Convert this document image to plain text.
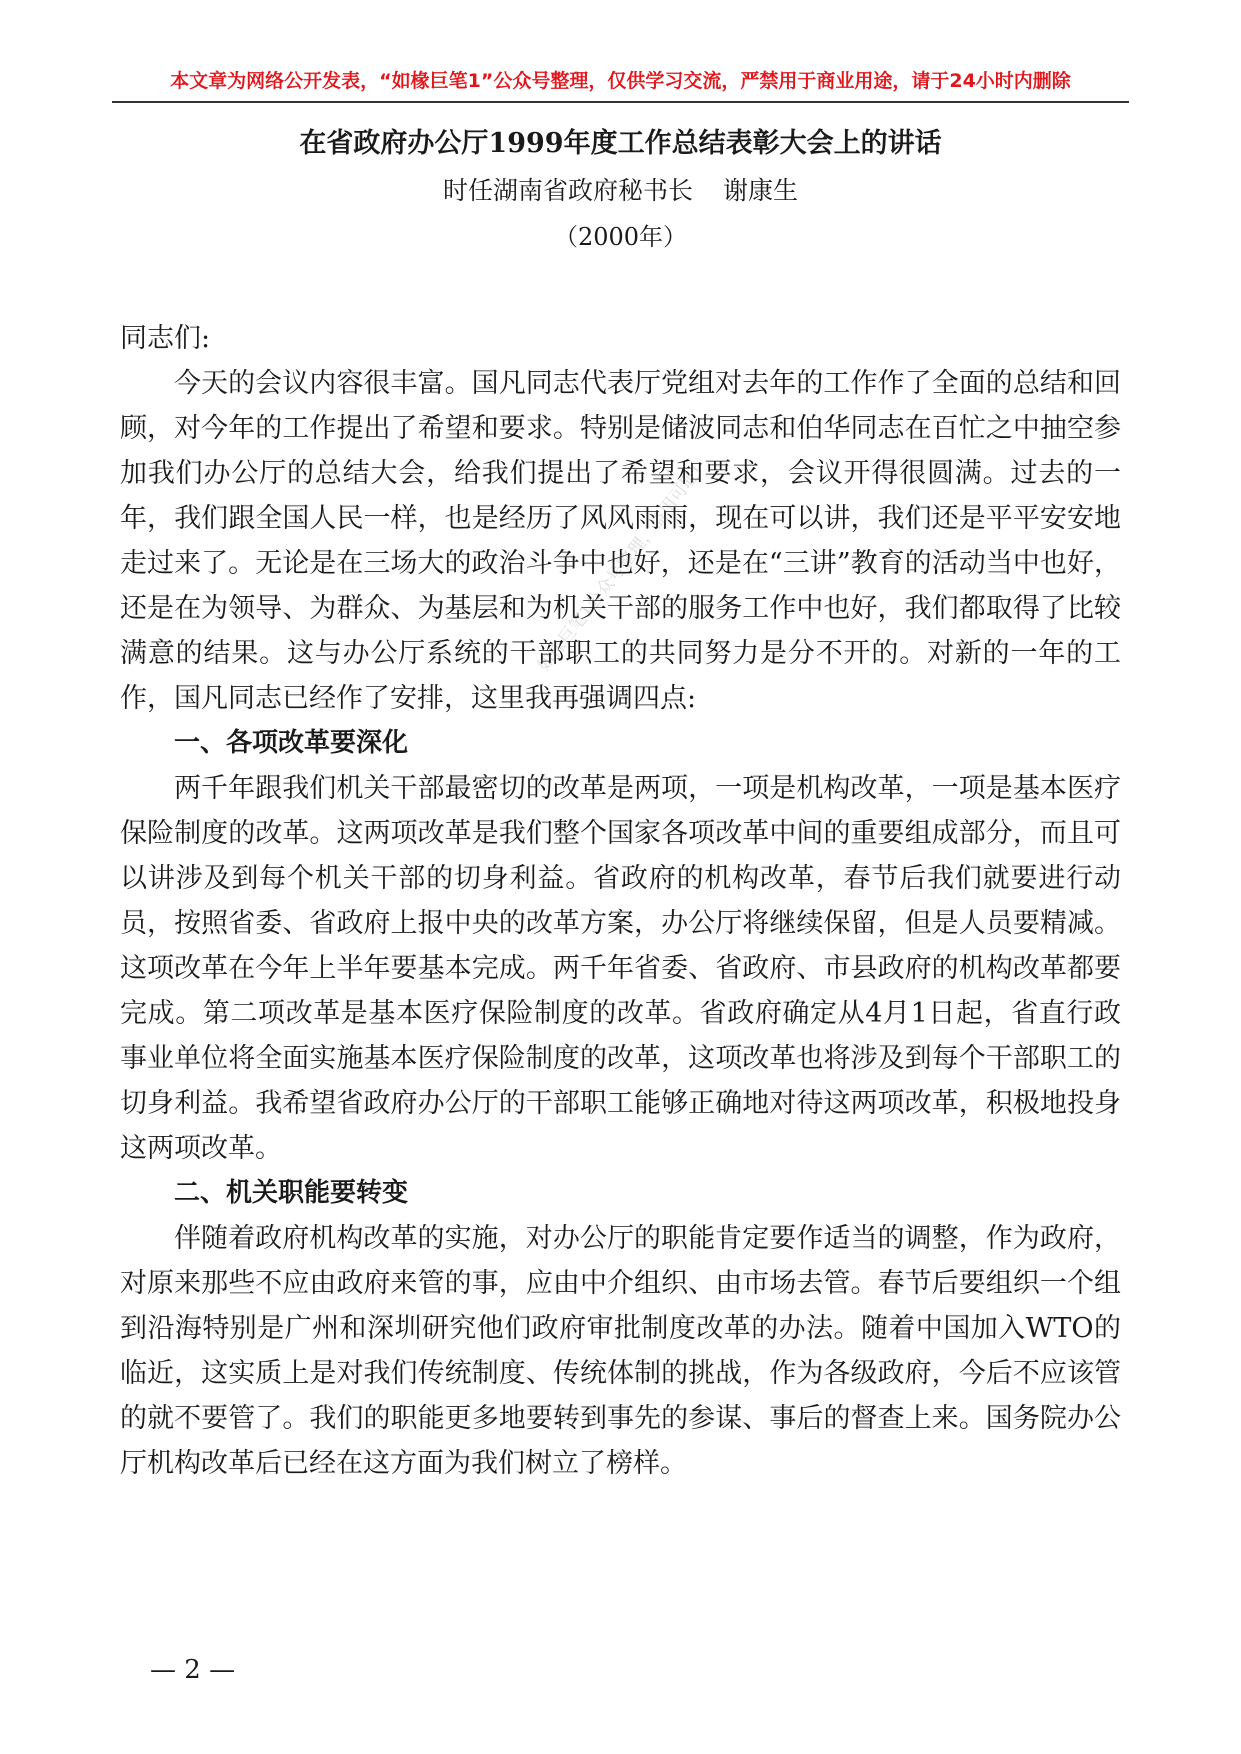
本文章为网络公开发表，“如椽巨笔1”公众号整理，仅供学习交流，严禁用于商业用途，请于24小时内删除
在省政府办公厅1999年度工作总结表彰大会上的讲话
时任湖南省政府秘书长 谢康生
（2000年）

同志们:

今天的会议内容很丰富。国凡同志代表厅党组对去年的工作作了全面的总结和回顾，对今年的工作提出了希望和要求。特别是储波同志和伯华同志在百忙之中抽空参加我们办公厅的总结大会，给我们提出了希望和要求，会议开得很圆满。过去的一年，我们跟全国人民一样，也是经历了风风雨雨，现在可以讲，我们还是平平安安地走过来了。无论是在三场大的政治斗争中也好，还是在“三讲”教育的活动当中也好，还是在为领导、为群众、为基层和为机关干部的服务工作中也好，我们都取得了比较满意的结果。这与办公厅系统的干部职工的共同努力是分不开的。对新的一年的工作，国凡同志已经作了安排，这里我再强调四点:

一、各项改革要深化

两千年跟我们机关干部最密切的改革是两项，一项是机构改革，一项是基本医疗保险制度的改革。这两项改革是我们整个国家各项改革中间的重要组成部分，而且可以讲涉及到每个机关干部的切身利益。省政府的机构改革，春节后我们就要进行动员，按照省委、省政府上报中央的改革方案，办公厅将继续保留，但是人员要精减。这项改革在今年上半年要基本完成。两千年省委、省政府、市县政府的机构改革都要完成。第二项改革是基本医疗保险制度的改革。省政府确定从4月1日起，省直行政事业单位将全面实施基本医疗保险制度的改革，这项改革也将涉及到每个干部职工的切身利益。我希望省政府办公厅的干部职工能够正确地对待这两项改革，积极地投身这两项改革。

二、机关职能要转变

伴随着政府机构改革的实施，对办公厅的职能肯定要作适当的调整，作为政府，对原来那些不应由政府来管的事，应由中介组织、由市场去管。春节后要组织一个组到沿海特别是广州和深圳研究他们政府审批制度改革的办法。随着中国加入WTO的临近，这实质上是对我们传统制度、传统体制的挑战，作为各级政府，今后不应该管的就不要管了。我们的职能更多地要转到事先的参谋、事后的督查上来。国务院办公厅机构改革后已经在这方面为我们树立了榜样。

如椽巨笔1公众号整理，盗用可耻!
— 2 —
